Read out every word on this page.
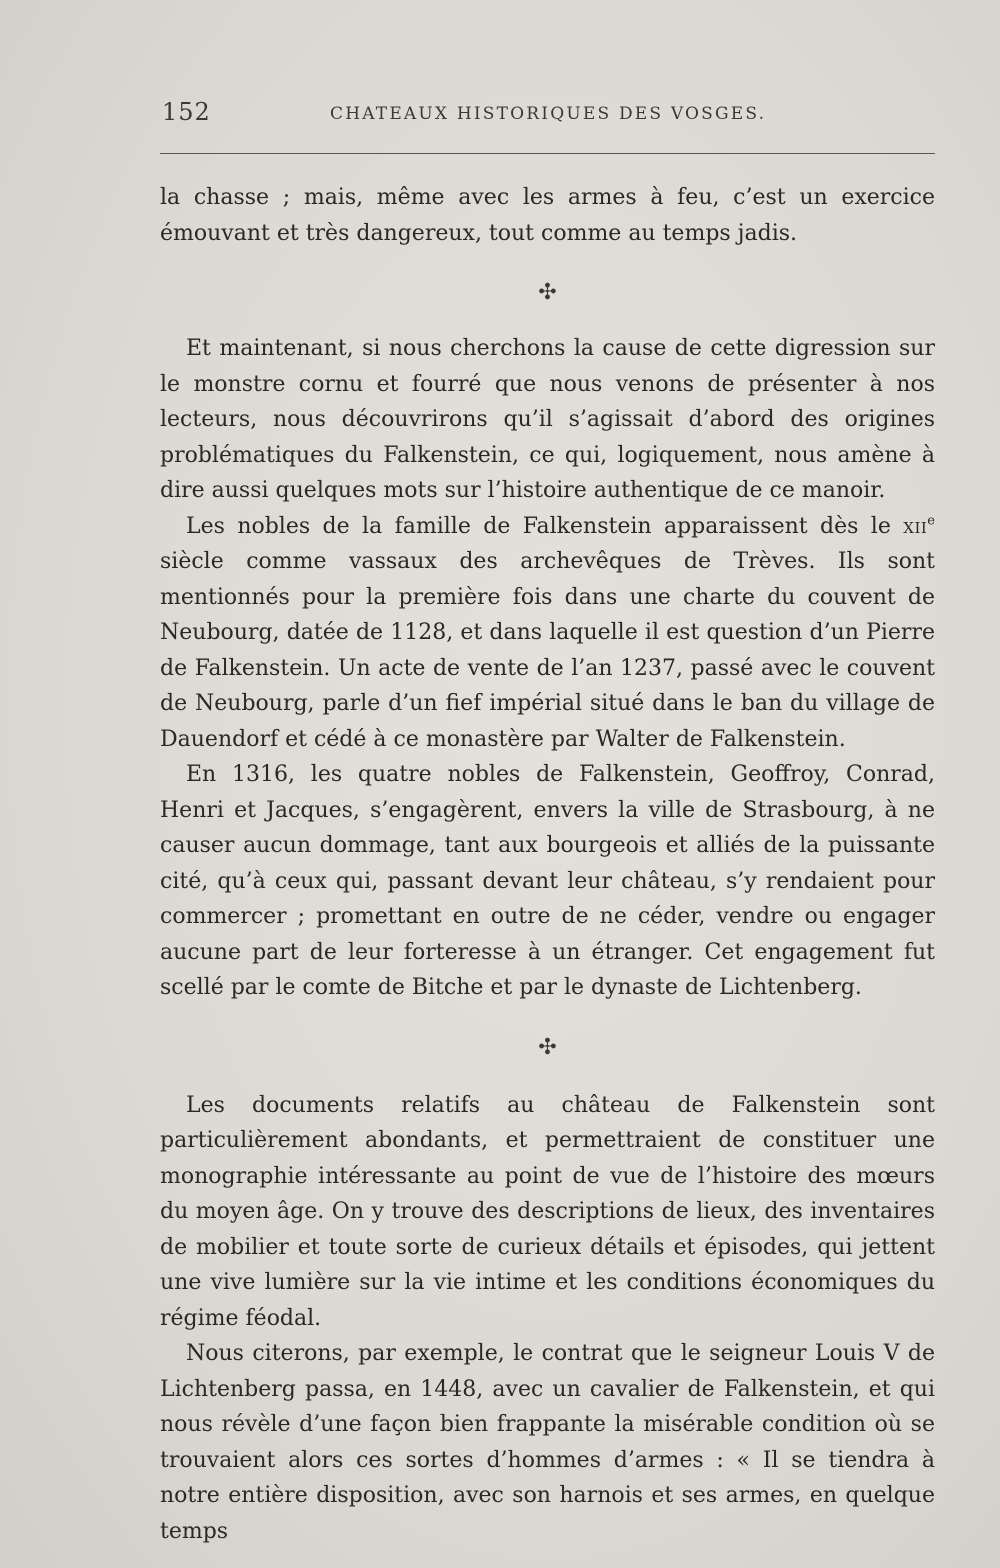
152	CHATEAUX HISTORIQUES DES VOSGES.

la chasse ; mais, même avec les armes à feu, c’est un exercice émouvant et très dangereux, tout comme au temps jadis.

✣

Et maintenant, si nous cherchons la cause de cette digression sur le monstre cornu et fourré que nous venons de présenter à nos lecteurs, nous découvrirons qu’il s’agissait d’abord des origines problématiques du Falkenstein, ce qui, logiquement, nous amène à dire aussi quelques mots sur l’histoire authentique de ce manoir.

Les nobles de la famille de Falkenstein apparaissent dès le xii$^e$ siècle comme vassaux des archevêques de Trèves. Ils sont mentionnés pour la première fois dans une charte du couvent de Neubourg, datée de 1128, et dans laquelle il est question d’un Pierre de Falkenstein. Un acte de vente de l’an 1237, passé avec le couvent de Neubourg, parle d’un fief impérial situé dans le ban du village de Dauendorf et cédé à ce monastère par Walter de Falkenstein.

En 1316, les quatre nobles de Falkenstein, Geoffroy, Conrad, Henri et Jacques, s’engagèrent, envers la ville de Strasbourg, à ne causer aucun dommage, tant aux bourgeois et alliés de la puissante cité, qu’à ceux qui, passant devant leur château, s’y rendaient pour commercer ; promettant en outre de ne céder, vendre ou engager aucune part de leur forteresse à un étranger. Cet engagement fut scellé par le comte de Bitche et par le dynaste de Lichtenberg.

✣

Les documents relatifs au château de Falkenstein sont particulièrement abondants, et permettraient de constituer une monographie intéressante au point de vue de l’histoire des mœurs du moyen âge. On y trouve des descriptions de lieux, des inventaires de mobilier et toute sorte de curieux détails et épisodes, qui jettent une vive lumière sur la vie intime et les conditions économiques du régime féodal.

Nous citerons, par exemple, le contrat que le seigneur Louis V de Lichtenberg passa, en 1448, avec un cavalier de Falkenstein, et qui nous révèle d’une façon bien frappante la misérable condition où se trouvaient alors ces sortes d’hommes d’armes : « Il se tiendra à notre entière disposition, avec son harnois et ses armes, en quelque temps
